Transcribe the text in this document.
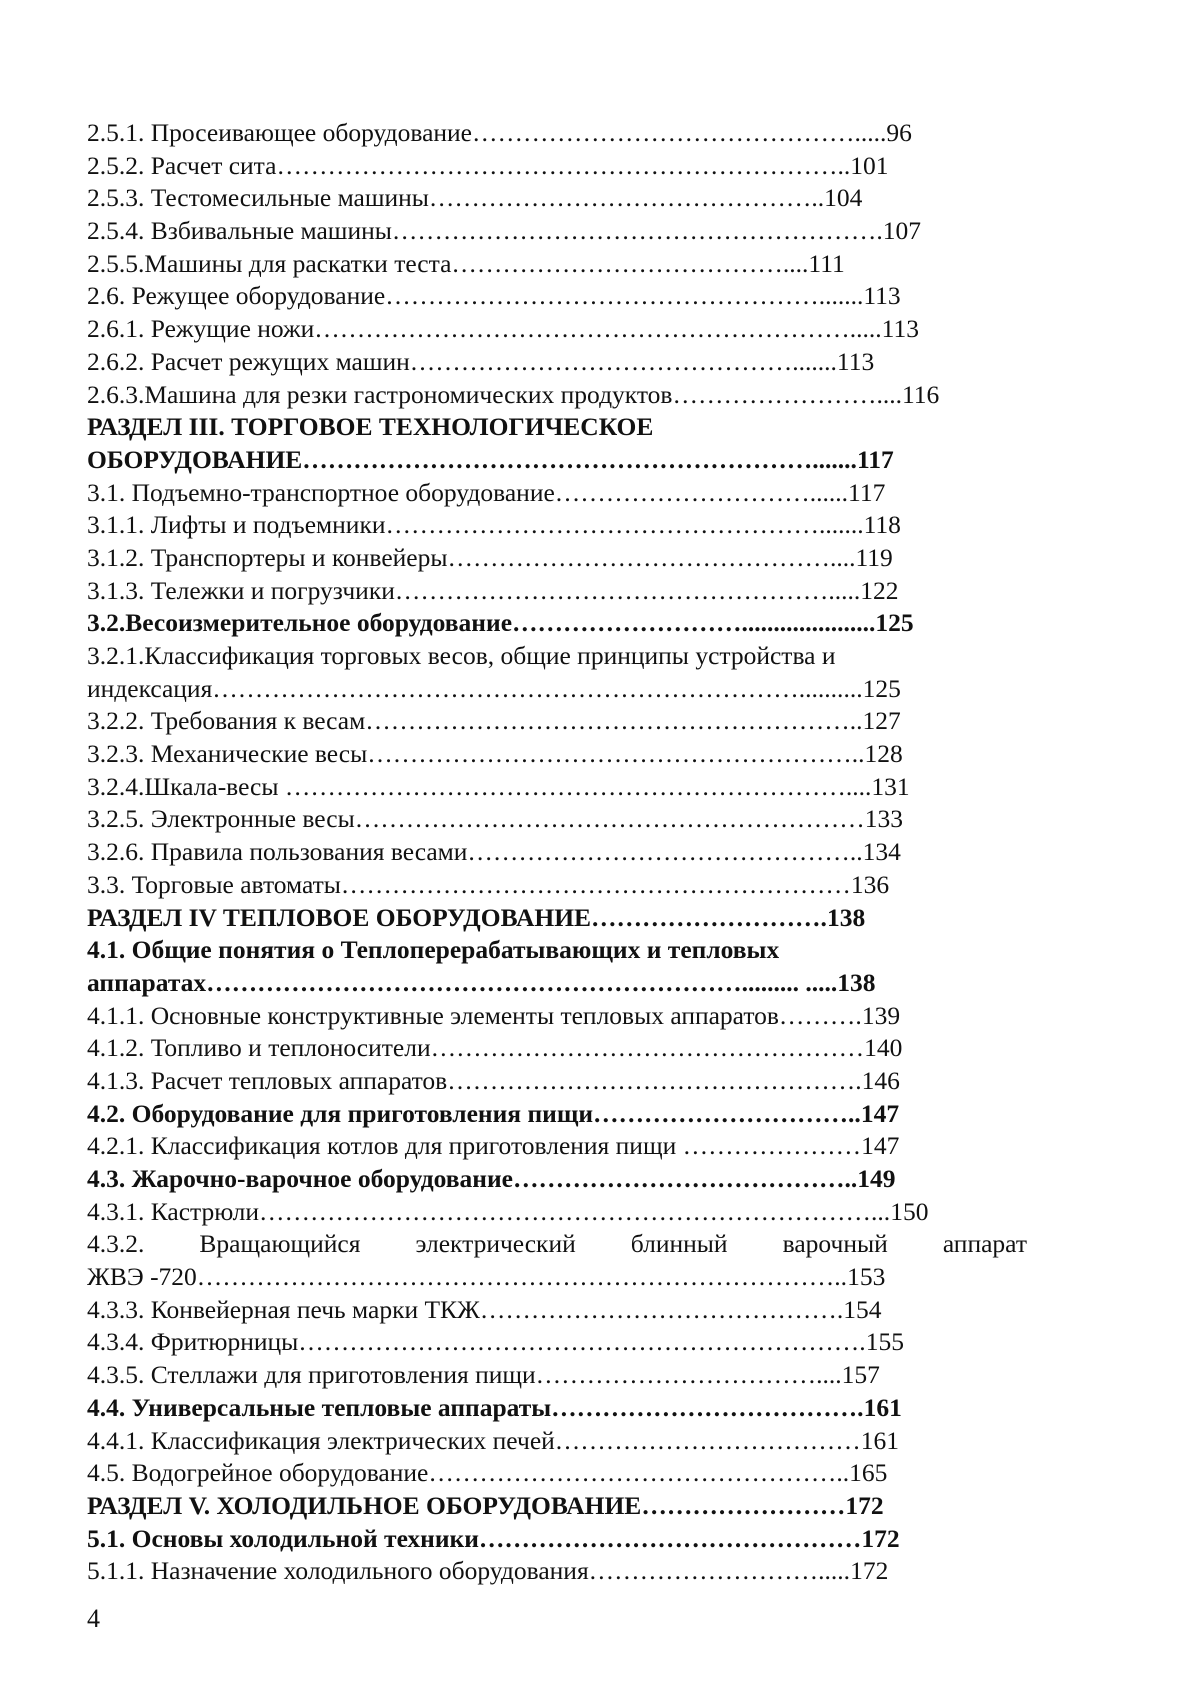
2.5.1. Просеивающее оборудование………………………………………..... 96
2.5.2. Расчет сита………………………………………………………….. 101
2.5.3. Тестомесильные машины……………………………………… ..104
2.5.4. Взбивальные машины…………………………………………………. 107
2.5.5.Машины для раскатки теста………………………………….. ..111
2.6. Режущее оборудование……………………………………………....... 113
2.6.1. Режущие ножи……………………………………………………….. ...113
2.6.2. Расчет режущих машин………………………………………....... 113
2.6.3.Машина для резки гастрономических продуктов…………………….... 116
РАЗДЕЛ III. ТОРГОВОЕ ТЕХНОЛОГИЧЕСКОЕ
ОБОРУДОВАНИЕ……………………………………………………....... 117
3.1. Подъемно-транспортное оборудование…………………………...... 117
3.1.1. Лифты и подъемники……………………………………………....... 118
3.1.2. Транспортеры и конвейеры……………………………………….... 119
3.1.3. Тележки и погрузчики……………………………………………..... 122
3.2.Весоизмерительное оборудование………………………..................... 125
3.2.1.Классификация торговых весов, общие принципы устройства и
индексация……………………………………………………………....... ...125
3.2.2. Требования к весам………………………………………………….. 127
3.2.3. Механические весы………………………………………………….. 128
3.2.4.Шкала-весы ………………………………………………………….... 131
3.2.5. Электронные весы…………………………………………………… 133
3.2.6. Правила пользования весами……………………………………….. 134
3.3. Торговые автоматы…………………………………………………… 136
РАЗДЕЛ IV ТЕПЛОВОЕ ОБОРУДОВАНИЕ………………………. 138
4.1. Общие понятия о Теплоперерабатывающих и тепловых
аппаратах………………………………………………………......... ..... 138
4.1.1. Основные конструктивные элементы тепловых аппаратов………. 139
4.1.2. Топливо и теплоносители…………………………………………… 140
4.1.3. Расчет тепловых аппаратов…………………………………………. 146
4.2. Оборудование для приготовления пищи………………………….. 147
4.2.1. Классификация котлов для приготовления пищи ………………… 147
4.3. Жарочно-варочное оборудование………………………………….. 149
4.3.1. Кастрюли………………………………………………………………... 150
4.3.2. Вращающийся электрический блинный варочный аппарат
ЖВЭ -720………………………………………………………………….. 153
4.3.3. Конвейерная печь марки ТКЖ……………………………………. 154
4.3.4. Фритюрницы…………………………………………………………. 155
4.3.5. Стеллажи для приготовления пищи…………………………….... 157
4.4. Универсальные тепловые аппараты………………………………. 161
4.4.1. Классификация электрических печей……………………………… 161
4.5. Водогрейное оборудование………………………………………….. 165
РАЗДЕЛ V. ХОЛОДИЛЬНОЕ ОБОРУДОВАНИЕ…………………… 172
5.1. Основы холодильной техники……………………………………… 172
5.1.1. Назначение холодильного оборудования………………………..... 172
4
